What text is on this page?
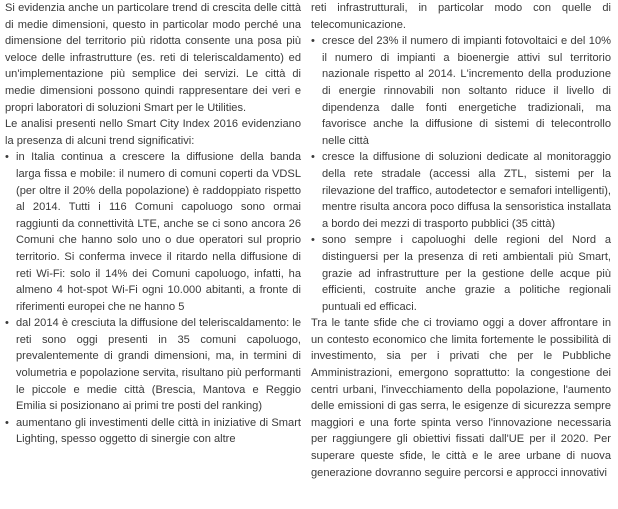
Si evidenzia anche un particolare trend di crescita delle città di medie dimensioni, questo in particolar modo perché una dimensione del territorio più ridotta consente una posa più veloce delle infrastrutture (es. reti di teleriscaldamento) ed un'implementazione più semplice dei servizi. Le città di medie dimensioni possono quindi rappresentare dei veri e propri laboratori di soluzioni Smart per le Utilities.

Le analisi presenti nello Smart City Index 2016 evidenziano la presenza di alcuni trend significativi:

• in Italia continua a crescere la diffusione della banda larga fissa e mobile: il numero di comuni coperti da VDSL (per oltre il 20% della popolazione) è raddoppiato rispetto al 2014. Tutti i 116 Comuni capoluogo sono ormai raggiunti da connettività LTE, anche se ci sono ancora 26 Comuni che hanno solo uno o due operatori sul proprio territorio. Si conferma invece il ritardo nella diffusione di reti Wi-Fi: solo il 14% dei Comuni capoluogo, infatti, ha almeno 4 hot-spot Wi-Fi ogni 10.000 abitanti, a fronte di riferimenti europei che ne hanno 5

• dal 2014 è cresciuta la diffusione del teleriscaldamento: le reti sono oggi presenti in 35 comuni capoluogo, prevalentemente di grandi dimensioni, ma, in termini di volumetria e popolazione servita, risultano più performanti le piccole e medie città (Brescia, Mantova e Reggio Emilia si posizionano ai primi tre posti del ranking)

• aumentano gli investimenti delle città in iniziative di Smart Lighting, spesso oggetto di sinergie con altre

reti infrastrutturali, in particolar modo con quelle di telecomunicazione.

• cresce del 23% il numero di impianti fotovoltaici e del 10% il numero di impianti a bioenergie attivi sul territorio nazionale rispetto al 2014. L'incremento della produzione di energie rinnovabili non soltanto riduce il livello di dipendenza dalle fonti energetiche tradizionali, ma favorisce anche la diffusione di sistemi di telecontrollo nelle città

• cresce la diffusione di soluzioni dedicate al monitoraggio della rete stradale (accessi alla ZTL, sistemi per la rilevazione del traffico, autodetector e semafori intelligenti), mentre risulta ancora poco diffusa la sensoristica installata a bordo dei mezzi di trasporto pubblici (35 città)

• sono sempre i capoluoghi delle regioni del Nord a distinguersi per la presenza di reti ambientali più Smart, grazie ad infrastrutture per la gestione delle acque più efficienti, costruite anche grazie a politiche regionali puntuali ed efficaci.

Tra le tante sfide che ci troviamo oggi a dover affrontare in un contesto economico che limita fortemente le possibilità di investimento, sia per i privati che per le Pubbliche Amministrazioni, emergono soprattutto: la congestione dei centri urbani, l'invecchiamento della popolazione, l'aumento delle emissioni di gas serra, le esigenze di sicurezza sempre maggiori e una forte spinta verso l'innovazione necessaria per raggiungere gli obiettivi fissati dall'UE per il 2020. Per superare queste sfide, le città e le aree urbane di nuova generazione dovranno seguire percorsi e approcci innovativi
